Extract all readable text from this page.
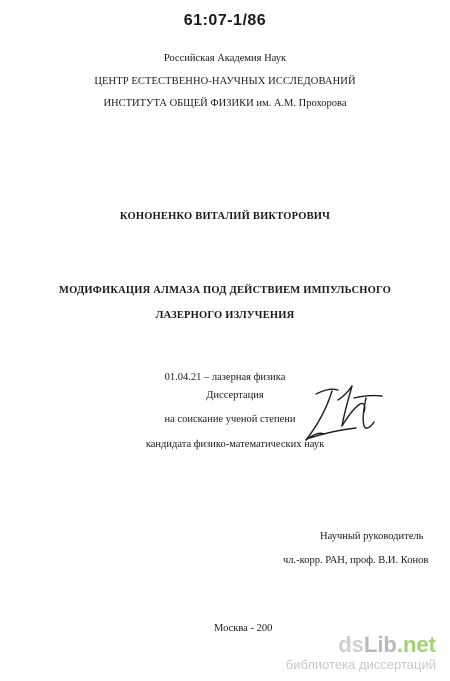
61:07-1/86
Российская Академия Наук
ЦЕНТР ЕСТЕСТВЕННО-НАУЧНЫХ ИССЛЕДОВАНИЙ
ИНСТИТУТА ОБЩЕЙ ФИЗИКИ им. А.М. Прохорова
КОНОНЕНКО ВИТАЛИЙ ВИКТОРОВИЧ
МОДИФИКАЦИЯ АЛМАЗА ПОД ДЕЙСТВИЕМ ИМПУЛЬСНОГО
ЛАЗЕРНОГО ИЗЛУЧЕНИЯ
01.04.21 – лазерная физика
Диссертация
на соискание ученой степени
кандидата физико-математических наук
Научный руководитель
чл.-корр. РАН, проф. В.И. Конов
Москва - 200
dsLib.net
библиотека диссертаций
